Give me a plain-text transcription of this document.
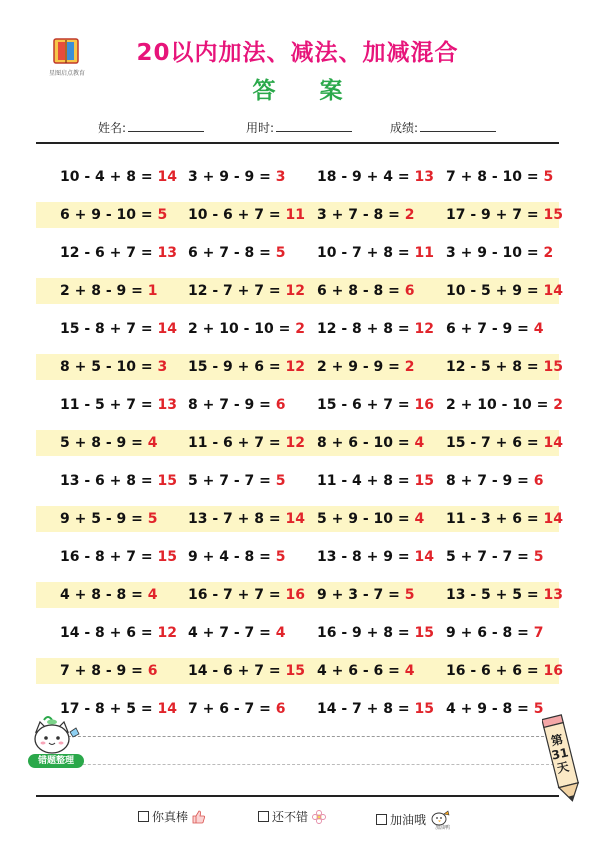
星图启点教育
20以内加法、减法、加减混合
答 案
姓名:	用时:	成绩:
10 - 4 + 8 = 14 3 + 9 - 9 = 3 18 - 9 + 4 = 13 7 + 8 - 10 = 5
6 + 9 - 10 = 5 10 - 6 + 7 = 11 3 + 7 - 8 = 2 17 - 9 + 7 = 15
12 - 6 + 7 = 13 6 + 7 - 8 = 5 10 - 7 + 8 = 11 3 + 9 - 10 = 2
2 + 8 - 9 = 1 12 - 7 + 7 = 12 6 + 8 - 8 = 6 10 - 5 + 9 = 14
15 - 8 + 7 = 14 2 + 10 - 10 = 2 12 - 8 + 8 = 12 6 + 7 - 9 = 4
8 + 5 - 10 = 3 15 - 9 + 6 = 12 2 + 9 - 9 = 2 12 - 5 + 8 = 15
11 - 5 + 7 = 13 8 + 7 - 9 = 6 15 - 6 + 7 = 16 2 + 10 - 10 = 2
5 + 8 - 9 = 4 11 - 6 + 7 = 12 8 + 6 - 10 = 4 15 - 7 + 6 = 14
13 - 6 + 8 = 15 5 + 7 - 7 = 5 11 - 4 + 8 = 15 8 + 7 - 9 = 6
9 + 5 - 9 = 5 13 - 7 + 8 = 14 5 + 9 - 10 = 4 11 - 3 + 6 = 14
16 - 8 + 7 = 15 9 + 4 - 8 = 5 13 - 8 + 9 = 14 5 + 7 - 7 = 5
4 + 8 - 8 = 4 16 - 7 + 7 = 16 9 + 3 - 7 = 5 13 - 5 + 5 = 13
14 - 8 + 6 = 12 4 + 7 - 7 = 4 16 - 9 + 8 = 15 9 + 6 - 8 = 7
7 + 8 - 9 = 6 14 - 6 + 7 = 15 4 + 6 - 6 = 4 16 - 6 + 6 = 16
17 - 8 + 5 = 14 7 + 6 - 7 = 6 14 - 7 + 8 = 15 4 + 9 - 8 = 5
错题整理
第31天
你真棒	还不错	加油哦
加油鸭
